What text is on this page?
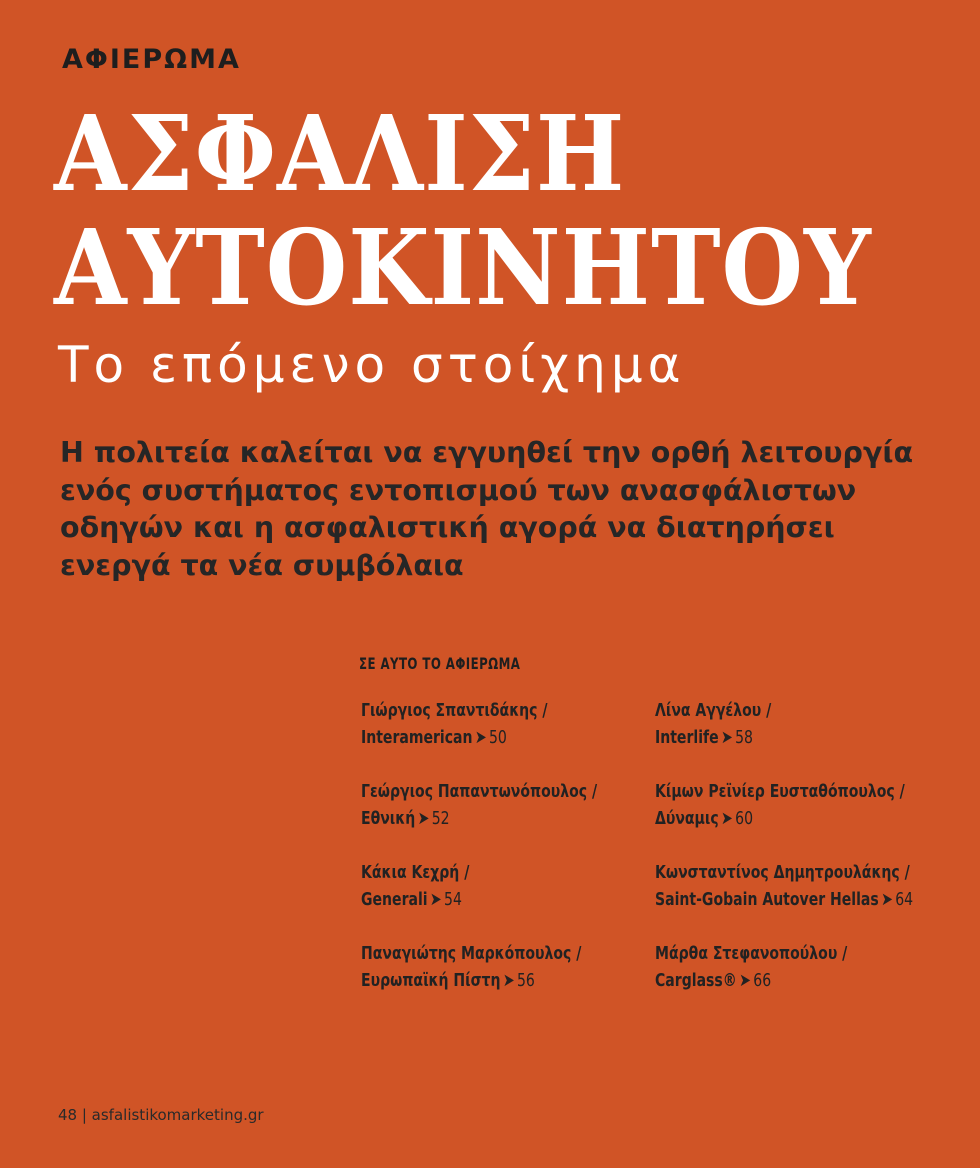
ΑΦΙΕΡΩΜΑ
ΑΣΦΑΛΙΣΗ
ΑΥΤΟΚΙΝΗΤΟΥ
Το επόμενο στοίχημα
Η πολιτεία καλείται να εγγυηθεί την ορθή λειτουργία
ενός συστήματος εντοπισμού των ανασφάλιστων
οδηγών και η ασφαλιστική αγορά να διατηρήσει
ενεργά τα νέα συμβόλαια
ΣΕ ΑΥΤΟ ΤΟ ΑΦΙΕΡΩΜΑ
Γιώργιος Σπαντιδάκης /
Interamerican ➤ 50
Γεώργιος Παπαντωνόπουλος /
Εθνική ➤ 52
Κάκια Κεχρή /
Generali ➤ 54
Παναγιώτης Μαρκόπουλος /
Ευρωπαϊκή Πίστη ➤ 56
Λίνα Αγγέλου /
Interlife ➤ 58
Κίμων Ρεϊνίερ Ευσταθόπουλος /
Δύναμις ➤ 60
Κωνσταντίνος Δημητρουλάκης /
Saint-Gobain Autover Hellas ➤ 64
Μάρθα Στεφανοπούλου /
Carglass® ➤ 66
48 | asfalistikomarketing.gr
